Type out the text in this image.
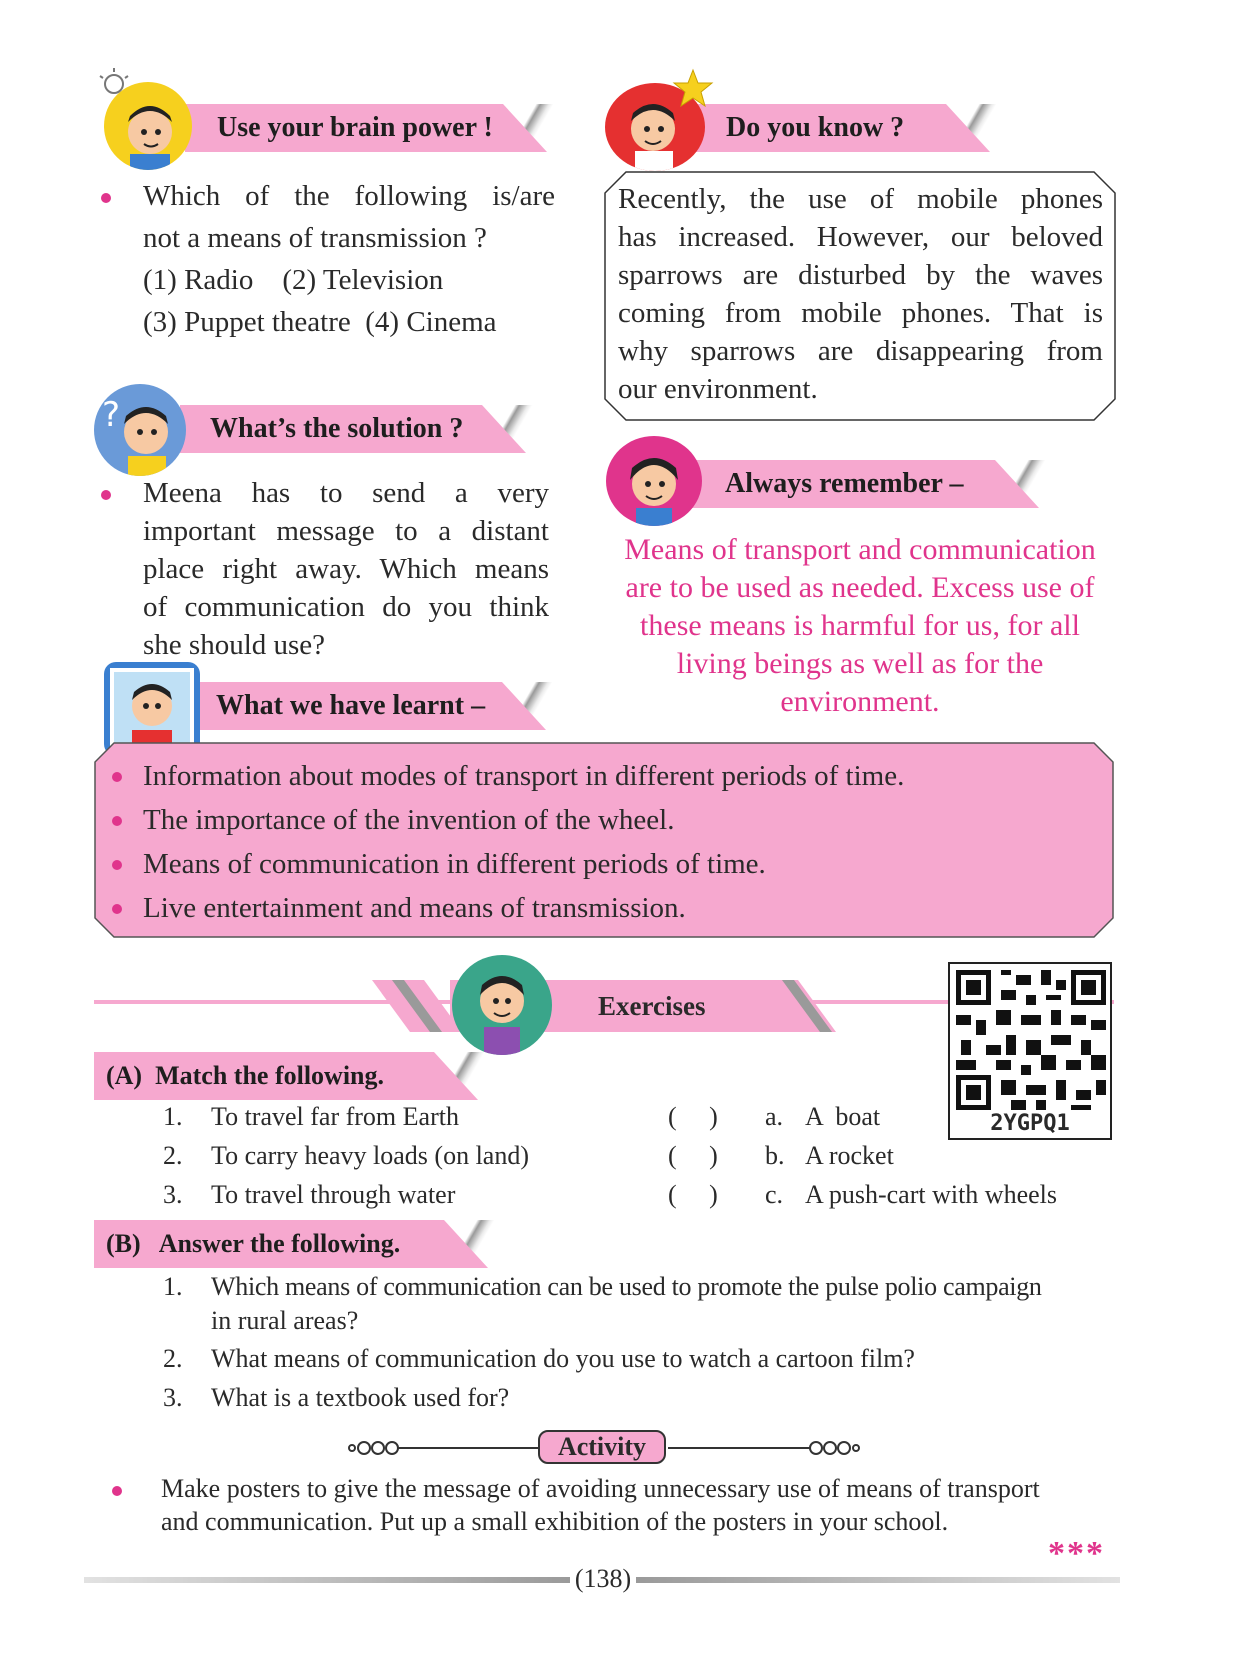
Use your brain power !
Which of the following is/are
not a means of transmission ?
(1) Radio    (2) Television
(3) Puppet theatre  (4) Cinema
Do you know ?
Recently, the use of mobile phones
has increased. However, our beloved
sparrows are disturbed by the waves
coming from mobile phones. That is
why sparrows are disappearing from
our environment.
What’s the solution ?
?
Meena has to send a very
important message to a distant
place right away. Which means
of communication do you think
she should use?
Always remember –
Means of transport and communication
are to be used as needed. Excess use of
these means is harmful for us, for all
living beings as well as for the
environment.
What we have learnt –
Information about modes of transport in different periods of time.
The importance of the invention of the wheel.
Means of communication in different periods of time.
Live entertainment and means of transmission.
Exercises
2YGPQ1
(A)  Match the following.
1. To travel far from Earth	(     ) a. A  boat
2. To carry heavy loads (on land)	(     ) b. A rocket
3. To travel through water	(     ) c. A push-cart with wheels
(B)   Answer the following.
1. Which means of communication can be used to promote the pulse polio campaign
in rural areas?
2. What means of communication do you use to watch a cartoon film?
3. What is a textbook used for?
Activity
Make posters to give the message of avoiding unnecessary use of means of transport
and communication. Put up a small exhibition of the posters in your school.
***
(138)
